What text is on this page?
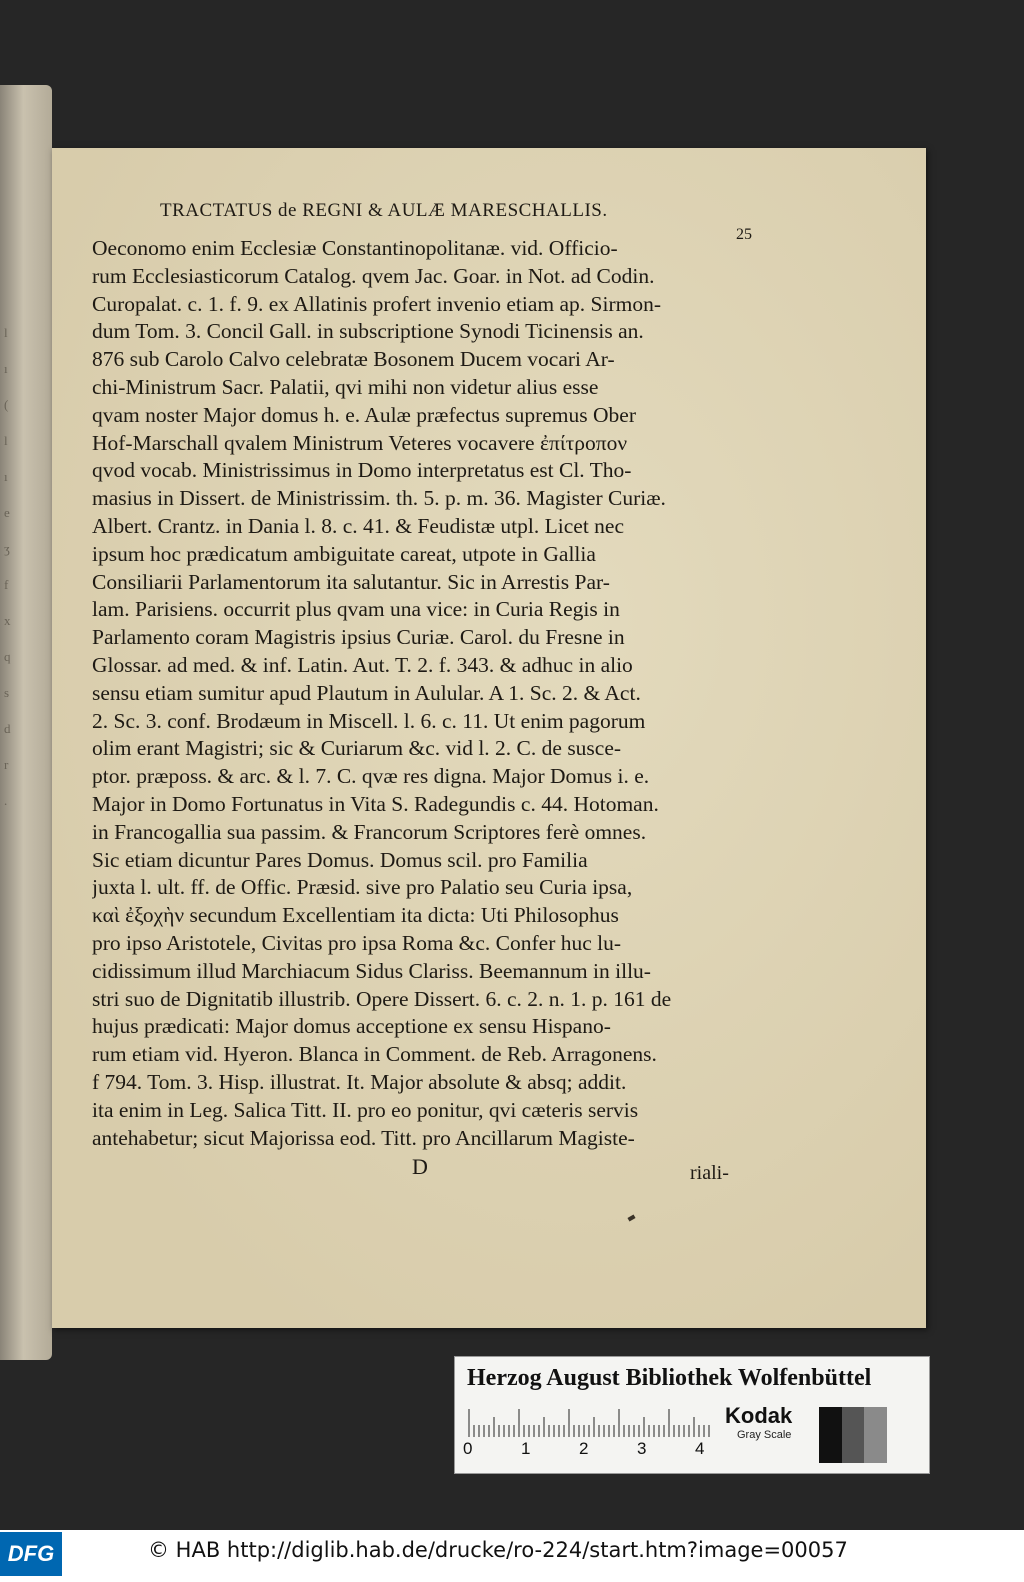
l
ı
(
l
ı
e
ʒ
f
x
q
s
d
r
.
TRACTATUS de REGNI & AULÆ MARESCHALLIS.
25
Oeconomo enim Ecclesiæ Constantinopolitanæ. vid. Officio-
rum Ecclesiasticorum Catalog. qvem Jac. Goar. in Not. ad Codin.
Curopalat. c. 1. f. 9. ex Allatinis profert invenio etiam ap. Sirmon-
dum Tom. 3. Concil Gall. in subscriptione Synodi Ticinensis an.
876 sub Carolo Calvo celebratæ Bosonem Ducem vocari Ar-
chi-Ministrum Sacr. Palatii, qvi mihi non videtur alius esse
qvam noster Major domus h. e. Aulæ præfectus supremus Ober
Hof-Marschall qvalem Ministrum Veteres vocavere ἐπίτροπον
qvod vocab. Ministrissimus in Domo interpretatus est Cl. Tho-
masius in Dissert. de Ministrissim. th. 5. p. m. 36. Magister Curiæ.
Albert. Crantz. in Dania l. 8. c. 41. & Feudistæ utpl. Licet nec
ipsum hoc prædicatum ambiguitate careat, utpote in Gallia
Consiliarii Parlamentorum ita salutantur. Sic in Arrestis Par-
lam. Parisiens. occurrit plus qvam una vice: in Curia Regis in
Parlamento coram Magistris ipsius Curiæ. Carol. du Fresne in
Glossar. ad med. & inf. Latin. Aut. T. 2. f. 343. & adhuc in alio
sensu etiam sumitur apud Plautum in Aulular. A 1. Sc. 2. & Act.
2. Sc. 3. conf. Brodæum in Miscell. l. 6. c. 11. Ut enim pagorum
olim erant Magistri; sic & Curiarum &c. vid l. 2. C. de susce-
ptor. præposs. & arc. & l. 7. C. qvæ res digna. Major Domus i. e.
Major in Domo Fortunatus in Vita S. Radegundis c. 44. Hotoman.
in Francogallia sua passim. & Francorum Scriptores ferè omnes.
Sic etiam dicuntur Pares Domus. Domus scil. pro Familia
juxta l. ult. ff. de Offic. Præsid. sive pro Palatio seu Curia ipsa,
καὶ ἐξοχὴν secundum Excellentiam ita dicta: Uti Philosophus
pro ipso Aristotele, Civitas pro ipsa Roma &c. Confer huc lu-
cidissimum illud Marchiacum Sidus Clariss. Beemannum in illu-
stri suo de Dignitatib illustrib. Opere Dissert. 6. c. 2. n. 1. p. 161 de
hujus prædicati: Major domus acceptione ex sensu Hispano-
rum etiam vid. Hyeron. Blanca in Comment. de Reb. Arragonens.
f 794. Tom. 3. Hisp. illustrat. It. Major absolute & absq; addit.
ita enim in Leg. Salica Titt. II. pro eo ponitur, qvi cæteris servis
antehabetur; sicut Majorissa eod. Titt. pro Ancillarum Magiste-
D	riali-
Herzog August Bibliothek Wolfenbüttel
0	1	2	3	4
Kodak
Gray Scale
DFG	© HAB http://diglib.hab.de/drucke/ro-224/start.htm?image=00057
